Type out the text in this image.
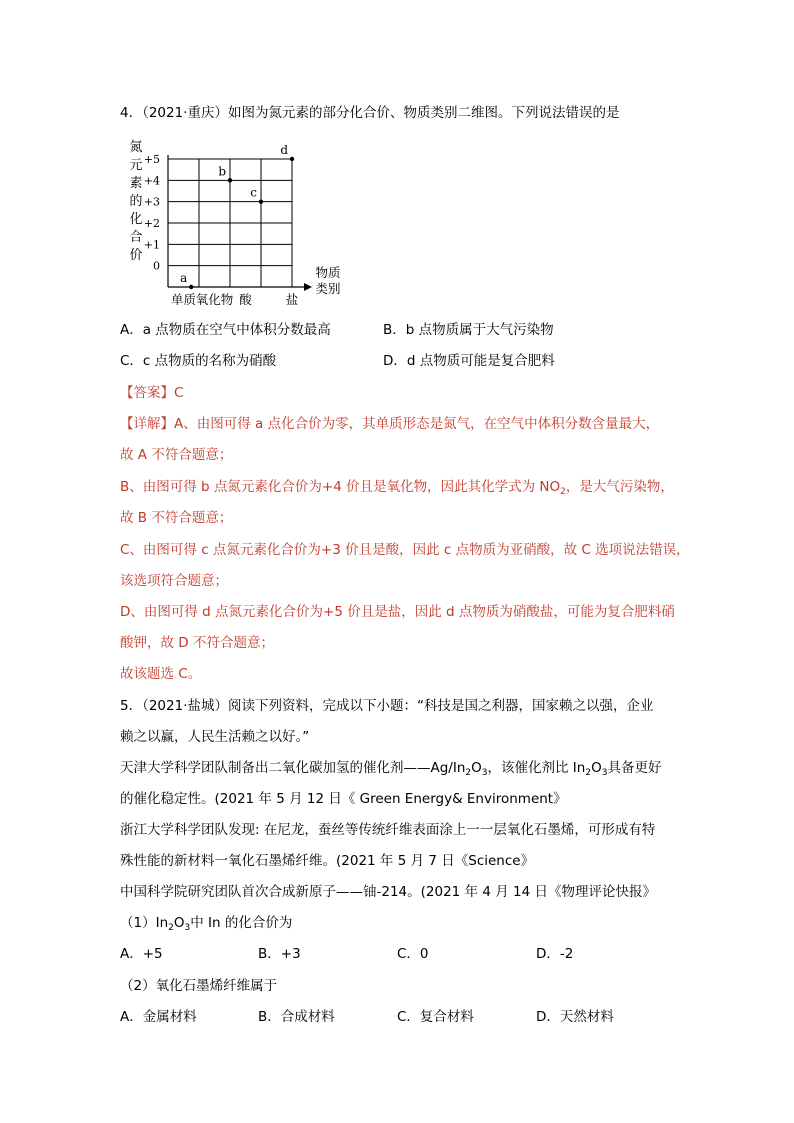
4．（2021·重庆）如图为氮元素的部分化合价、物质类别二维图。下列说法错误的是
氮
元
素
的
化
合
价
+5
+4
+3
+2
+1
0
单质 氧化物 酸	盐
物质
类别
a
b
c
d
A．a 点物质在空气中体积分数最高	B．b 点物质属于大气污染物
C．c 点物质的名称为硝酸	D．d 点物质可能是复合肥料
【答案】C
【详解】A、由图可得 a 点化合价为零，其单质形态是氮气，在空气中体积分数含量最大，
故 A 不符合题意；
B、由图可得 b 点氮元素化合价为+4 价且是氧化物，因此其化学式为 $NO_2$，是大气污染物，
故 B 不符合题意；
C、由图可得 c 点氮元素化合价为+3 价且是酸，因此 c 点物质为亚硝酸，故 C 选项说法错误，
该选项符合题意；
D、由图可得 d 点氮元素化合价为+5 价且是盐，因此 d 点物质为硝酸盐，可能为复合肥料硝
酸钾，故 D 不符合题意；
故该题选 C。
5．（2021·盐城）阅读下列资料，完成以下小题：“科技是国之利器，国家赖之以强，企业
赖之以赢，人民生活赖之以好。”
天津大学科学团队制备出二氧化碳加氢的催化剂$——Ag/In_2O_3$，该催化剂比 $In_2O_3$具备更好
的催化稳定性。(2021 年 5 月 12 日《 Green Energy& Environment》
浙江大学科学团队发现: 在尼龙，蚕丝等传统纤维表面涂上一一层氧化石墨烯，可形成有特
殊性能的新材料一氧化石墨烯纤维。(2021 年 5 月 7 日《Science》
中国科学院研究团队首次合成新原子——铀-214。(2021 年 4 月 14 日《物理评论快报》
$(1)In_2O_3$中 In 的化合价为
A．+5	B．+3	C．0	D．-2
（2）氧化石墨烯纤维属于
A．金属材料	B．合成材料	C．复合材料	D．天然材料
